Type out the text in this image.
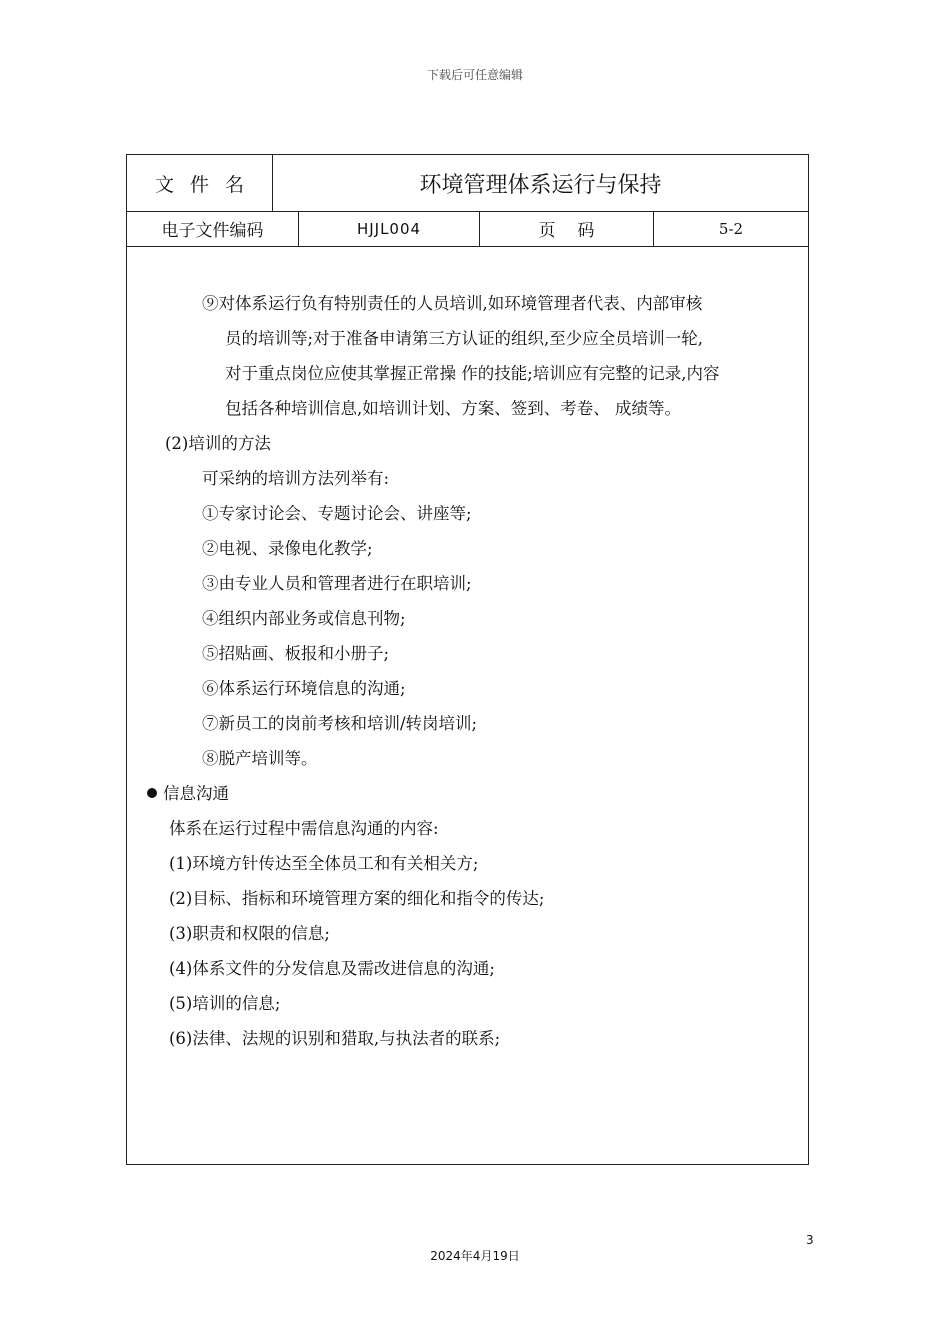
下载后可任意编辑
文件名	环境管理体系运行与保持
电子文件编码	HJJL004	页码	5-2
⑨对体系运行负有特别责任的人员培训,如环境管理者代表、内部审核
员的培训等;对于准备申请第三方认证的组织,至少应全员培训一轮,
对于重点岗位应使其掌握正常操 作的技能;培训应有完整的记录,内容
包括各种培训信息,如培训计划、方案、签到、考卷、 成绩等。
(2)培训的方法
可采纳的培训方法列举有:
①专家讨论会、专题讨论会、讲座等;
②电视、录像电化教学;
③由专业人员和管理者进行在职培训;
④组织内部业务或信息刊物;
⑤招贴画、板报和小册子;
⑥体系运行环境信息的沟通;
⑦新员工的岗前考核和培训/转岗培训;
⑧脱产培训等。
信息沟通
体系在运行过程中需信息沟通的内容:
(1)环境方针传达至全体员工和有关相关方;
(2)目标、指标和环境管理方案的细化和指令的传达;
(3)职责和权限的信息;
(4)体系文件的分发信息及需改进信息的沟通;
(5)培训的信息;
(6)法律、法规的识别和猎取,与执法者的联系;
3
2024年4月19日
